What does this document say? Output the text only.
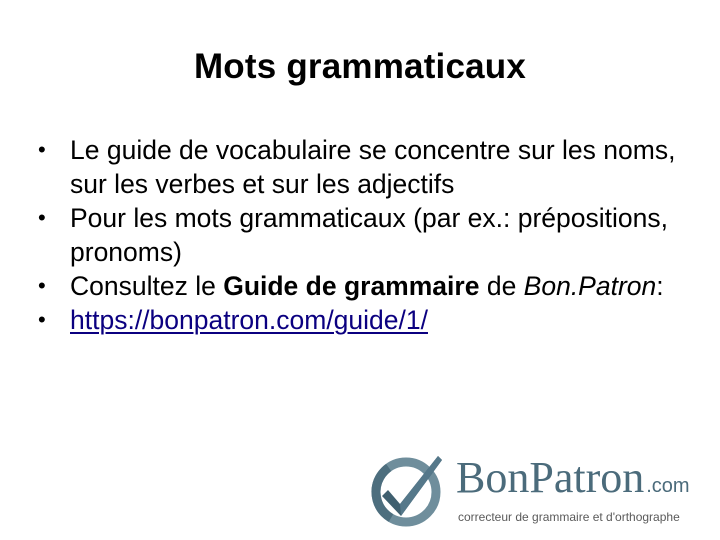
Mots grammaticaux
• Le guide de vocabulaire se concentre sur les noms, sur les verbes et sur les adjectifs
• Pour les mots grammaticaux (par ex.: prépositions, pronoms)
• Consultez le Guide de grammaire de Bon.Patron:
• https://bonpatron.com/guide/1/
BonPatron .com
correcteur de grammaire et d'orthographe
